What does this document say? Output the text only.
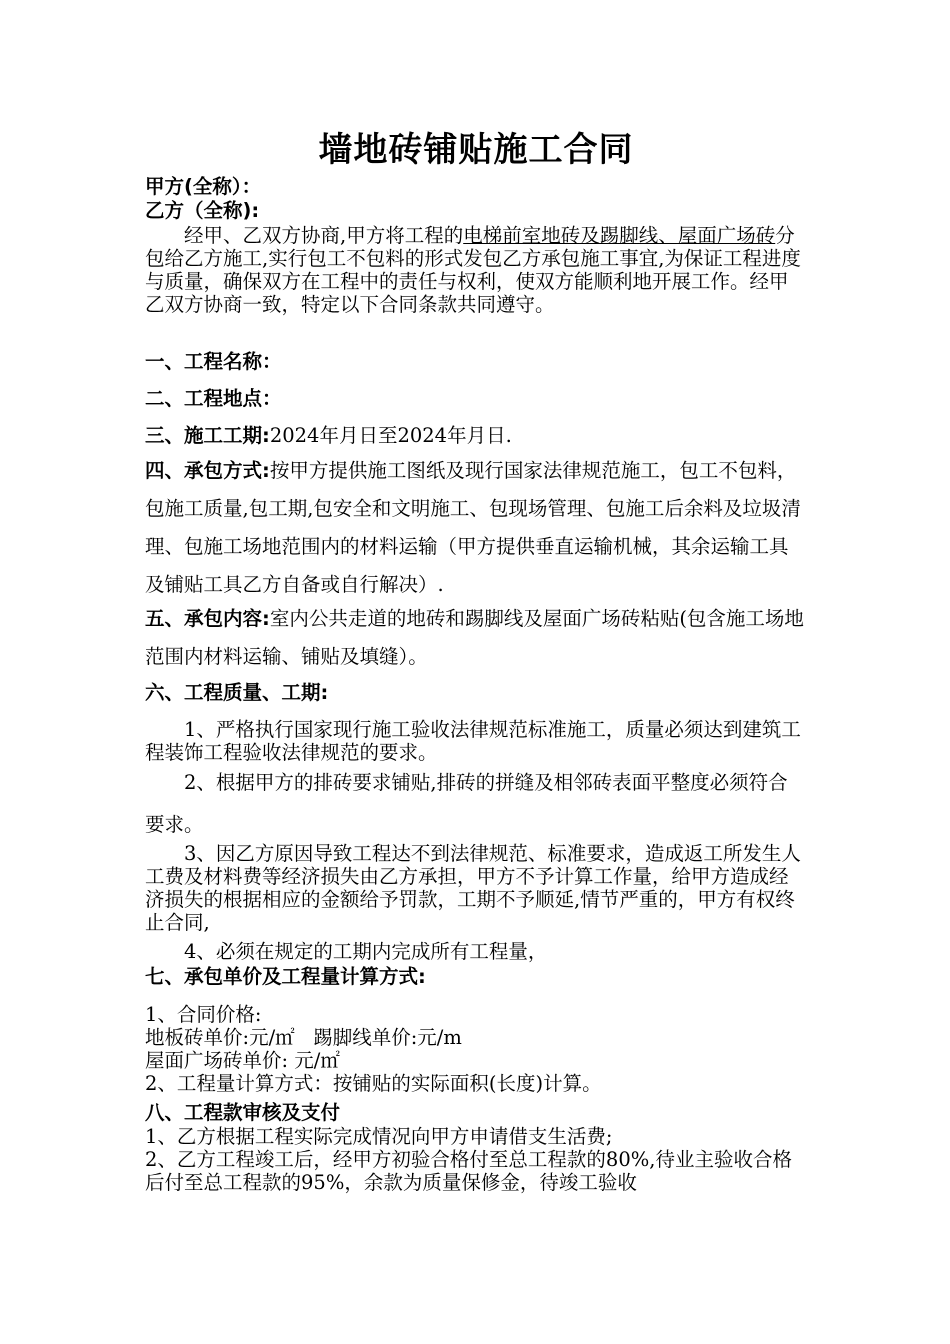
墙地砖铺贴施工合同
甲方(全称）：
乙方（全称):
经甲、乙双方协商,甲方将工程的电梯前室地砖及踢脚线、屋面广场砖分包给乙方施工,实行包工不包料的形式发包乙方承包施工事宜,为保证工程进度与质量，确保双方在工程中的责任与权利，使双方能顺利地开展工作。经甲乙双方协商一致，特定以下合同条款共同遵守。
一、工程名称：
二、工程地点：
三、施工工期:2024年月日至2024年月日.
四、承包方式:按甲方提供施工图纸及现行国家法律规范施工，包工不包料，包施工质量,包工期,包安全和文明施工、包现场管理、包施工后余料及垃圾清理、包施工场地范围内的材料运输（甲方提供垂直运输机械，其余运输工具及铺贴工具乙方自备或自行解决）.
五、承包内容:室内公共走道的地砖和踢脚线及屋面广场砖粘贴(包含施工场地范围内材料运输、铺贴及填缝）。
六、工程质量、工期:
1、严格执行国家现行施工验收法律规范标准施工，质量必须达到建筑工程装饰工程验收法律规范的要求。
2、根据甲方的排砖要求铺贴,排砖的拼缝及相邻砖表面平整度必须符合要求。
3、因乙方原因导致工程达不到法律规范、标准要求，造成返工所发生人工费及材料费等经济损失由乙方承担，甲方不予计算工作量，给甲方造成经济损失的根据相应的金额给予罚款，工期不予顺延,情节严重的，甲方有权终止合同,
4、必须在规定的工期内完成所有工程量，
七、承包单价及工程量计算方式:
1、合同价格:
地板砖单价:元/㎡   踢脚线单价:元/m
屋面广场砖单价: 元/㎡
2、工程量计算方式：按铺贴的实际面积(长度)计算。
八、工程款审核及支付
1、乙方根据工程实际完成情况向甲方申请借支生活费;
2、乙方工程竣工后，经甲方初验合格付至总工程款的80%,待业主验收合格后付至总工程款的95%，余款为质量保修金，待竣工验收
